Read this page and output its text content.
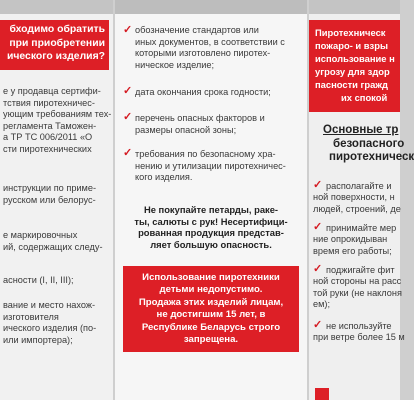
бходимо обратить
при приобретении
ического изделия?
е у продавца сертифи-
тствия пиротехничес-
ующим требованиям тех-
регламента Таможен-
а ТР ТС 006/2011 «О
сти пиротехнических
инструкции по приме-
русском или белорус-
е маркировочных
ий, содержащих следу-
асности (I, II, III);
вание и место нахож-
изготовителя
ического изделия (по-
или импортера);
✓ обозначение стандартов или
иных документов, в соответствии с
которыми изготовлено пиротех-
ническое изделие;
✓ дата окончания срока годности;
✓ перечень опасных факторов и
размеры опасной зоны;
✓ требования по безопасному хра-
нению и утилизации пиротехничес-
кого изделия.
Не покупайте петарды, раке-
ты, салюты с рук! Несертифици-
рованная продукция представ-
ляет большую опасность.
Использование пиротехники
детьми недопустимо.
Продажа этих изделий лицам,
не достигшим 15 лет, в
Республике Беларусь строго
запрещена.
Пиротехническ
пожаро- и взры
использование н
угрозу для здор
пасности гражд
их спокой
Основные тр
безопасного
пиротехническ
✓ располагайте и
ной поверхности, н
людей, строений, де
✓ принимайте мер
ние опрокидыван
время его работы;
✓ поджигайте фит
ной стороны на расс
той руки (не наклоня
ем);
✓ не используйте
при ветре более 15 м
